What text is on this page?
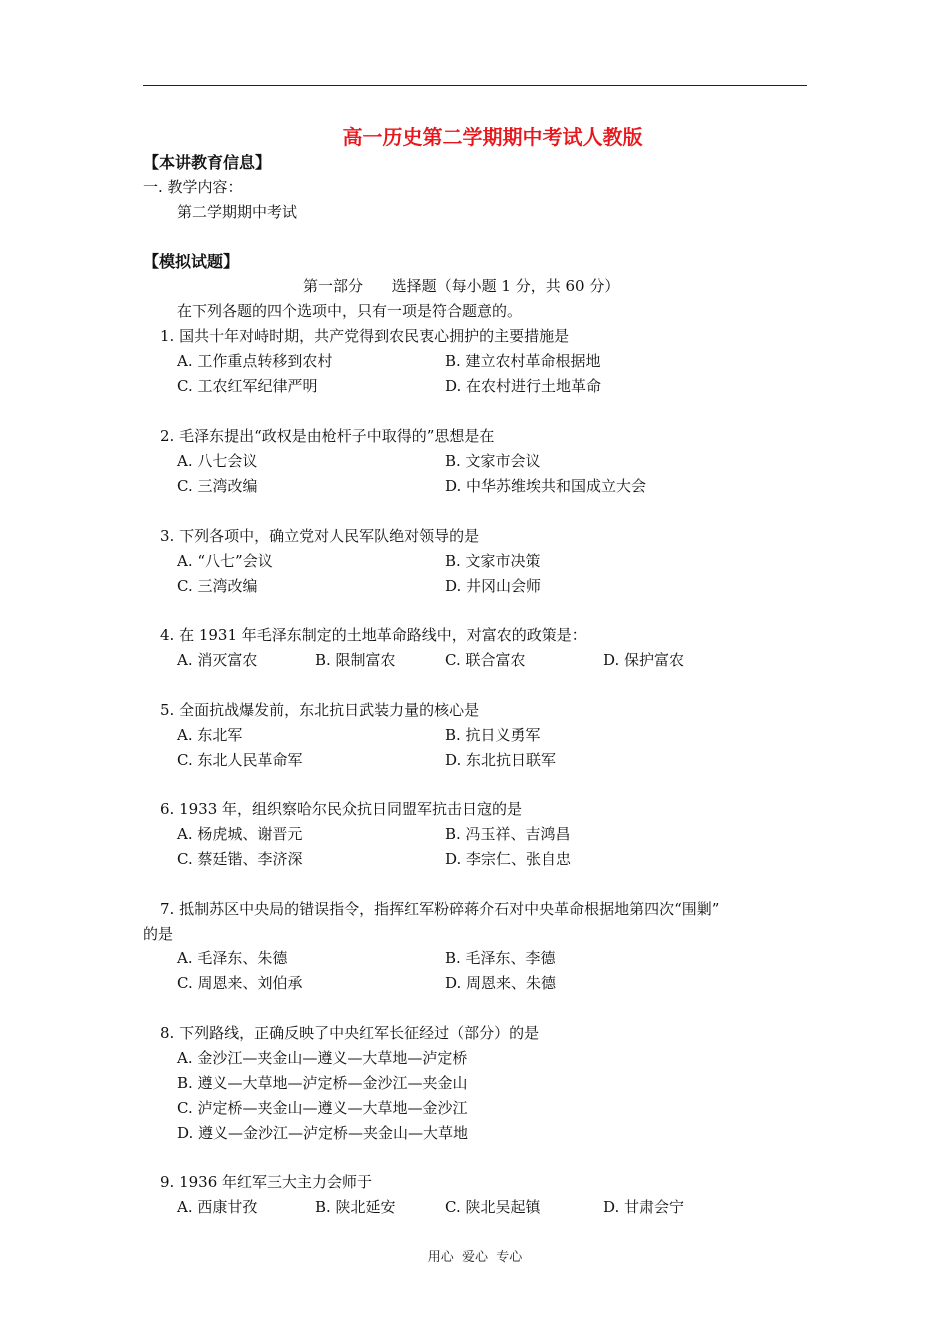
高一历史第二学期期中考试人教版
【本讲教育信息】
一. 教学内容：
第二学期期中考试
【模拟试题】
第一部分      选择题（每小题 1 分，共 60 分）
在下列各题的四个选项中，只有一项是符合题意的。
1. 国共十年对峙时期，共产党得到农民衷心拥护的主要措施是
A. 工作重点转移到农村	B. 建立农村革命根据地
C. 工农红军纪律严明	D. 在农村进行土地革命
2. 毛泽东提出“政权是由枪杆子中取得的”思想是在
A. 八七会议	B. 文家市会议
C. 三湾改编	D. 中华苏维埃共和国成立大会
3. 下列各项中，确立党对人民军队绝对领导的是
A. “八七”会议	B. 文家市决策
C. 三湾改编	D. 井冈山会师
4. 在 1931 年毛泽东制定的土地革命路线中，对富农的政策是：
A. 消灭富农	B. 限制富农	C. 联合富农	D. 保护富农
5. 全面抗战爆发前，东北抗日武装力量的核心是
A. 东北军	B. 抗日义勇军
C. 东北人民革命军	D. 东北抗日联军
6. 1933 年，组织察哈尔民众抗日同盟军抗击日寇的是
A. 杨虎城、谢晋元	B. 冯玉祥、吉鸿昌
C. 蔡廷锴、李济深	D. 李宗仁、张自忠
7. 抵制苏区中央局的错误指令，指挥红军粉碎蒋介石对中央革命根据地第四次“围剿”
的是
A. 毛泽东、朱德	B. 毛泽东、李德
C. 周恩来、刘伯承	D. 周恩来、朱德
8. 下列路线，正确反映了中央红军长征经过（部分）的是
A. 金沙江—夹金山—遵义—大草地—泸定桥
B. 遵义—大草地—泸定桥—金沙江—夹金山
C. 泸定桥—夹金山—遵义—大草地—金沙江
D. 遵义—金沙江—泸定桥—夹金山—大草地
9. 1936 年红军三大主力会师于
A. 西康甘孜	B. 陕北延安	C. 陕北吴起镇	D. 甘肃会宁
用心  爱心  专心
